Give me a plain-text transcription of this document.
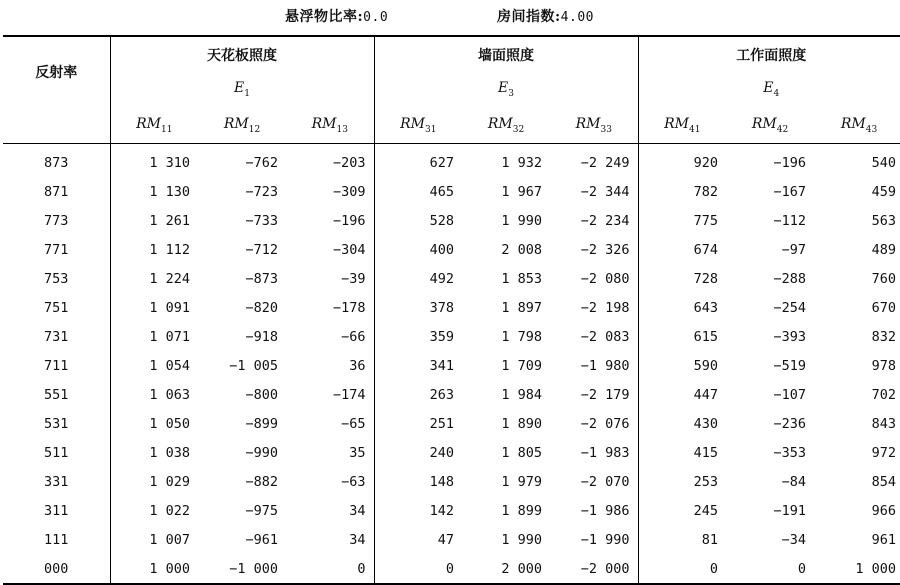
悬浮物比率:0.0	房间指数:4.00
反射率	天花板照度			墙面照度			工作面照度		
	$E_1$			$E_3$			$E_4$
	$RM_{11}$	$RM_{12}$	$RM_{13}$	$RM_{31}$	$RM_{32}$	$RM_{33}$	$RM_{41}$	$RM_{42}$	$RM_{43}$
873	1 310	−762	−203	627	1 932	−2 249	920	−196	540
871	1 130	−723	−309	465	1 967	−2 344	782	−167	459
773	1 261	−733	−196	528	1 990	−2 234	775	−112	563
771	1 112	−712	−304	400	2 008	−2 326	674	−97	489
753	1 224	−873	−39	492	1 853	−2 080	728	−288	760
751	1 091	−820	−178	378	1 897	−2 198	643	−254	670
731	1 071	−918	−66	359	1 798	−2 083	615	−393	832
711	1 054	−1 005	36	341	1 709	−1 980	590	−519	978
551	1 063	−800	−174	263	1 984	−2 179	447	−107	702
531	1 050	−899	−65	251	1 890	−2 076	430	−236	843
511	1 038	−990	35	240	1 805	−1 983	415	−353	972
331	1 029	−882	−63	148	1 979	−2 070	253	−84	854
311	1 022	−975	34	142	1 899	−1 986	245	−191	966
111	1 007	−961	34	47	1 990	−1 990	81	−34	961
000	1 000	−1 000	0	0	2 000	−2 000	0	0	1 000
